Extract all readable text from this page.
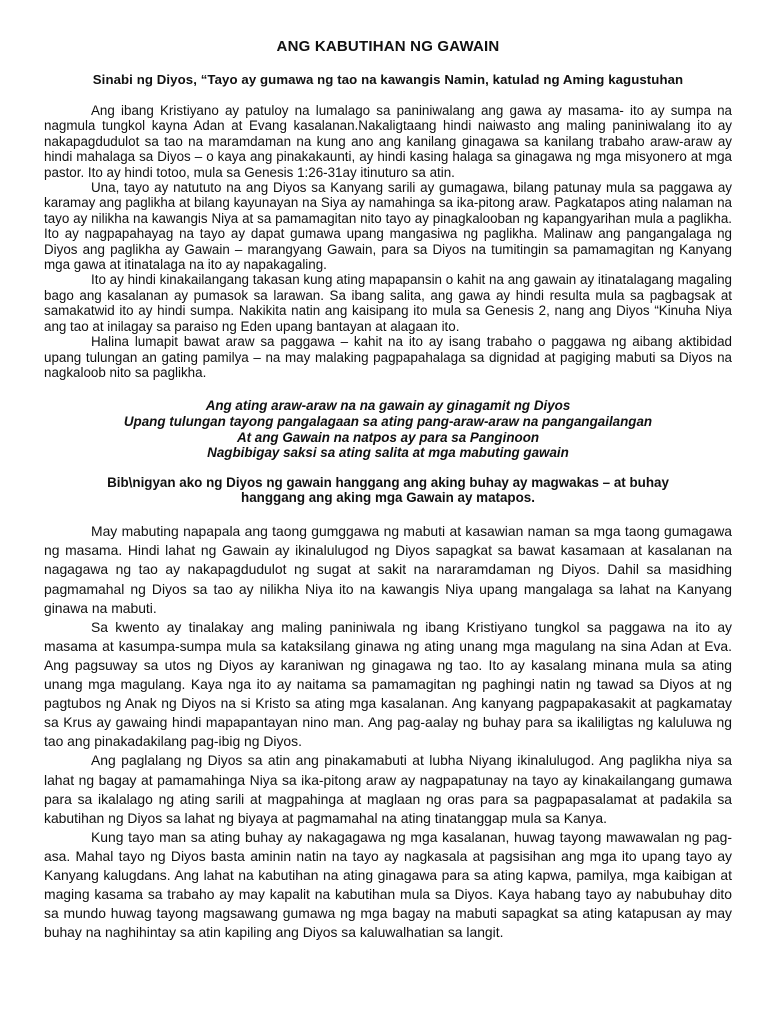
ANG KABUTIHAN NG GAWAIN
Sinabi ng Diyos, “Tayo ay gumawa ng tao na kawangis Namin, katulad ng Aming kagustuhan

Ang ibang Kristiyano ay patuloy na lumalago sa paniniwalang ang gawa ay masama- ito ay sumpa na nagmula tungkol kayna Adan at Evang kasalanan.Nakaligtaang hindi naiwasto ang maling paniniwalang ito ay nakapagdudulot sa tao na maramdaman na kung ano ang kanilang ginagawa sa kanilang trabaho araw-araw ay hindi mahalaga sa Diyos – o kaya ang pinakakaunti, ay hindi kasing halaga sa ginagawa ng mga misyonero at mga pastor. Ito ay hindi totoo, mula sa Genesis 1:26-31ay itinuturo sa atin.

Una, tayo ay natututo na ang Diyos sa Kanyang sarili ay gumagawa, bilang patunay mula sa paggawa ay karamay ang paglikha at bilang kayunayan na Siya ay namahinga sa ika-pitong araw. Pagkatapos ating nalaman na tayo ay nilikha na kawangis Niya at sa pamamagitan nito tayo ay pinagkalooban ng kapangyarihan mula a paglikha. Ito ay nagpapahayag na tayo ay dapat gumawa upang mangasiwa ng paglikha. Malinaw ang pangangalaga ng Diyos ang paglikha ay Gawain – marangyang Gawain, para sa Diyos na tumitingin sa pamamagitan ng Kanyang mga gawa at itinatalaga na ito ay napakagaling.

Ito ay hindi kinakailangang takasan kung ating mapapansin o kahit na ang gawain ay itinatalagang magaling bago ang kasalanan ay pumasok sa larawan. Sa ibang salita, ang gawa ay hindi resulta mula sa pagbagsak at samakatwid ito ay hindi sumpa. Nakikita natin ang kaisipang ito mula sa Genesis 2, nang ang Diyos “Kinuha Niya ang tao at inilagay sa paraiso ng Eden upang bantayan at alagaan ito.

Halina lumapit bawat araw sa paggawa – kahit na ito ay isang trabaho o paggawa ng aibang aktibidad upang tulungan an gating pamilya – na may malaking pagpapahalaga sa dignidad at pagiging mabuti sa Diyos na nagkaloob nito sa paglikha.

Ang ating araw-araw na na gawain ay ginagamit ng Diyos
Upang tulungan tayong pangalagaan sa ating pang-araw-araw na pangangailangan
At ang Gawain na natpos ay para sa Panginoon
Nagbibigay saksi sa ating salita at mga mabuting gawain
Bib\nigyan ako ng Diyos ng gawain hanggang ang aking buhay ay magwakas – at buhay
hanggang ang aking mga Gawain ay matapos.

May mabuting napapala ang taong gumggawa ng mabuti at kasawian naman sa mga taong gumagawa ng masama. Hindi lahat ng Gawain ay ikinalulugod ng Diyos sapagkat sa bawat kasamaan at kasalanan na nagagawa ng tao ay nakapagdudulot ng sugat at sakit na nararamdaman ng Diyos. Dahil sa masidhing pagmamahal ng Diyos sa tao ay nilikha Niya ito na kawangis Niya upang mangalaga sa lahat na Kanyang ginawa na mabuti.

Sa kwento ay tinalakay ang maling paniniwala ng ibang Kristiyano tungkol sa paggawa na ito ay masama at kasumpa-sumpa mula sa kataksilang ginawa ng ating unang mga magulang na sina Adan at Eva. Ang pagsuway sa utos ng Diyos ay karaniwan ng ginagawa ng tao. Ito ay kasalang minana mula sa ating unang mga magulang. Kaya nga ito ay naitama sa pamamagitan ng paghingi natin ng tawad sa Diyos at ng pagtubos ng Anak ng Diyos na si Kristo sa ating mga kasalanan. Ang kanyang pagpapakasakit at pagkamatay sa Krus ay gawaing hindi mapapantayan nino man. Ang pag-aalay ng buhay para sa ikaliligtas ng kaluluwa ng tao ang pinakadakilang pag-ibig ng Diyos.

Ang paglalang ng Diyos sa atin ang pinakamabuti at lubha Niyang ikinalulugod. Ang paglikha niya sa lahat ng bagay at pamamahinga Niya sa ika-pitong araw ay nagpapatunay na tayo ay kinakailangang gumawa para sa ikalalago ng ating sarili at magpahinga at maglaan ng oras para sa pagpapasalamat at padakila sa kabutihan ng Diyos sa lahat ng biyaya at pagmamahal na ating tinatanggap mula sa Kanya.

Kung tayo man sa ating buhay ay nakagagawa ng mga kasalanan, huwag tayong mawawalan ng pag-asa. Mahal tayo ng Diyos basta aminin natin na tayo ay nagkasala at pagsisihan ang mga ito upang tayo ay Kanyang kalugdans. Ang lahat na kabutihan na ating ginagawa para sa ating kapwa, pamilya, mga kaibigan at maging kasama sa trabaho ay may kapalit na kabutihan mula sa Diyos. Kaya habang tayo ay nabubuhay dito sa mundo huwag tayong magsawang gumawa ng mga bagay na mabuti sapagkat sa ating katapusan ay may buhay na naghihintay sa atin kapiling ang Diyos sa kaluwalhatian sa langit.
